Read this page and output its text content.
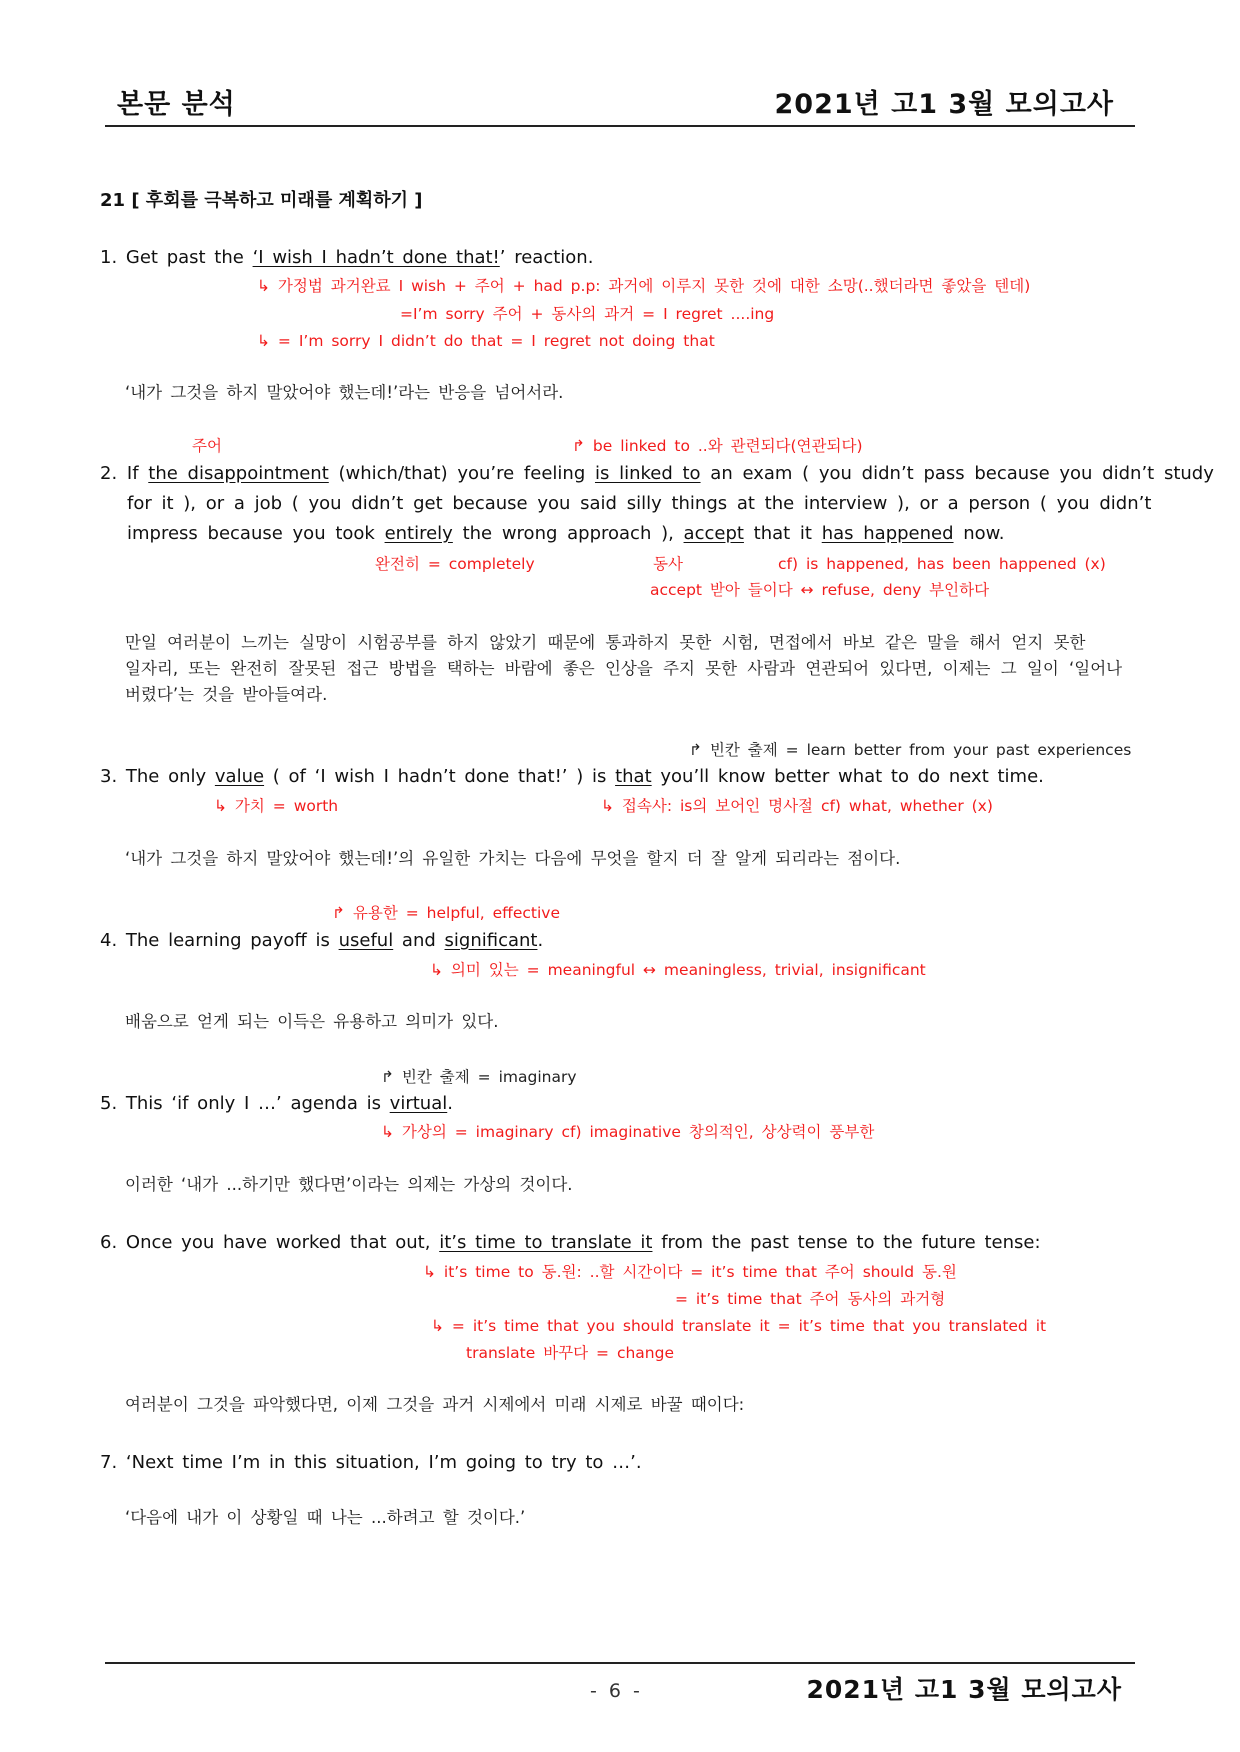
본문 분석	2021년 고1 3월 모의고사
21 [ 후회를 극복하고 미래를 계획하기 ]
1. Get past the ‘I wish I hadn’t done that!’ reaction.
↳ 가정법 과거완료 I wish + 주어 + had p.p: 과거에 이루지 못한 것에 대한 소망(..했더라면 좋았을 텐데)
=I’m sorry 주어 + 동사의 과거 = I regret ....ing
↳ = I’m sorry I didn’t do that = I regret not doing that
‘내가 그것을 하지 말았어야 했는데!’라는 반응을 넘어서라.
주어	↱ be linked to ..와 관련되다(연관되다)
2. If the disappointment (which/that) you’re feeling is linked to an exam ( you didn’t pass because you didn’t study
for it ), or a job ( you didn’t get because you said silly things at the interview ), or a person ( you didn’t
impress because you took entirely the wrong approach ), accept that it has happened now.
완전히 = completely	동사	cf) is happened, has been happened (x)
accept 받아 들이다 ↔ refuse, deny 부인하다
만일 여러분이 느끼는 실망이 시험공부를 하지 않았기 때문에 통과하지 못한 시험, 면접에서 바보 같은 말을 해서 얻지 못한
일자리, 또는 완전히 잘못된 접근 방법을 택하는 바람에 좋은 인상을 주지 못한 사람과 연관되어 있다면, 이제는 그 일이 ‘일어나
버렸다’는 것을 받아들여라.
↱ 빈칸 출제 = learn better from your past experiences
3. The only value ( of ‘I wish I hadn’t done that!’ ) is that you’ll know better what to do next time.
↳ 가치 = worth	↳ 접속사: is의 보어인 명사절 cf) what, whether (x)
‘내가 그것을 하지 말았어야 했는데!’의 유일한 가치는 다음에 무엇을 할지 더 잘 알게 되리라는 점이다.
↱ 유용한 = helpful, effective
4. The learning payoff is useful and significant.
↳ 의미 있는 = meaningful ↔ meaningless, trivial, insignificant
배움으로 얻게 되는 이득은 유용하고 의미가 있다.
↱ 빈칸 출제 = imaginary
5. This ‘if only I …’ agenda is virtual.
↳ 가상의 = imaginary cf) imaginative 창의적인, 상상력이 풍부한
이러한 ‘내가 ...하기만 했다면’이라는 의제는 가상의 것이다.
6. Once you have worked that out, it’s time to translate it from the past tense to the future tense:
↳ it’s time to 동.원: ..할 시간이다 = it’s time that 주어 should 동.원
= it’s time that 주어 동사의 과거형
↳ = it’s time that you should translate it = it’s time that you translated it
translate 바꾸다 = change
여러분이 그것을 파악했다면, 이제 그것을 과거 시제에서 미래 시제로 바꿀 때이다:
7. ‘Next time I’m in this situation, I’m going to try to …’.
‘다음에 내가 이 상황일 때 나는 ...하려고 할 것이다.’
- 6 -	2021년 고1 3월 모의고사
